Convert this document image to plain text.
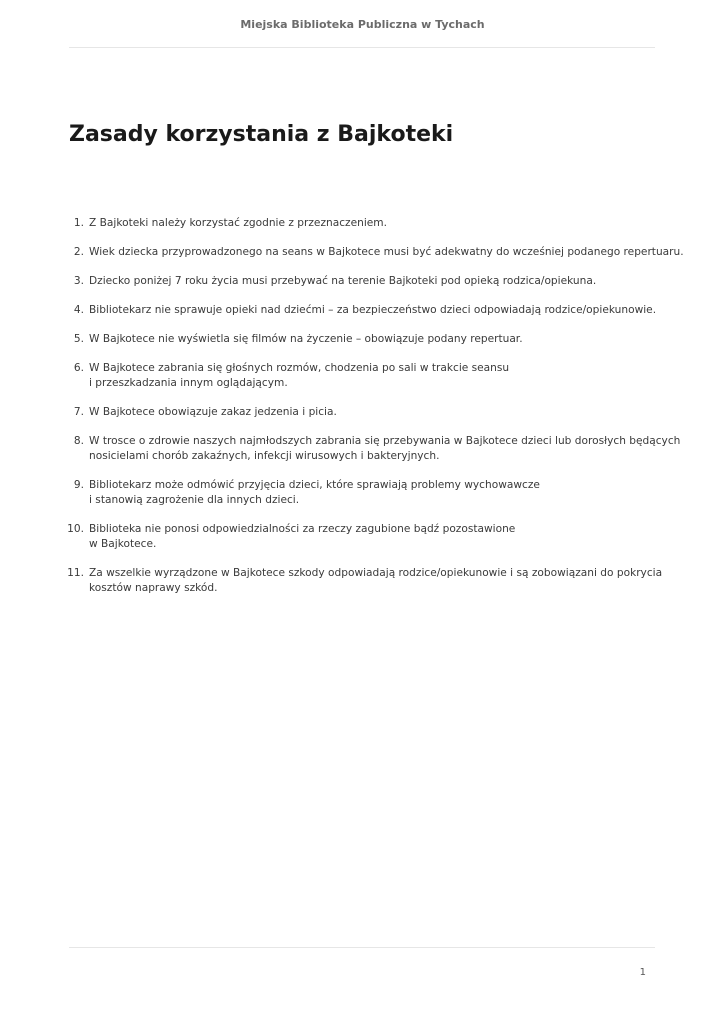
Miejska Biblioteka Publiczna w Tychach
Zasady korzystania z Bajkoteki
1. Z Bajkoteki należy korzystać zgodnie z przeznaczeniem.
2. Wiek dziecka przyprowadzonego na seans w Bajkotece musi być adekwatny do wcześniej podanego repertuaru.
3. Dziecko poniżej 7 roku życia musi przebywać na terenie Bajkoteki pod opieką rodzica/opiekuna.
4. Bibliotekarz nie sprawuje opieki nad dziećmi – za bezpieczeństwo dzieci odpowiadają rodzice/opiekunowie.
5. W Bajkotece nie wyświetla się filmów na życzenie – obowiązuje podany repertuar.
6. W Bajkotece zabrania się głośnych rozmów, chodzenia po sali w trakcie seansu
i przeszkadzania innym oglądającym.
7. W Bajkotece obowiązuje zakaz jedzenia i picia.
8. W trosce o zdrowie naszych najmłodszych zabrania się przebywania w Bajkotece dzieci lub dorosłych będących
nosicielami chorób zakaźnych, infekcji wirusowych i bakteryjnych.
9. Bibliotekarz może odmówić przyjęcia dzieci, które sprawiają problemy wychowawcze
i stanowią zagrożenie dla innych dzieci.
10. Biblioteka nie ponosi odpowiedzialności za rzeczy zagubione bądź pozostawione
w Bajkotece.
11. Za wszelkie wyrządzone w Bajkotece szkody odpowiadają rodzice/opiekunowie i są zobowiązani do pokrycia
kosztów naprawy szkód.
1
